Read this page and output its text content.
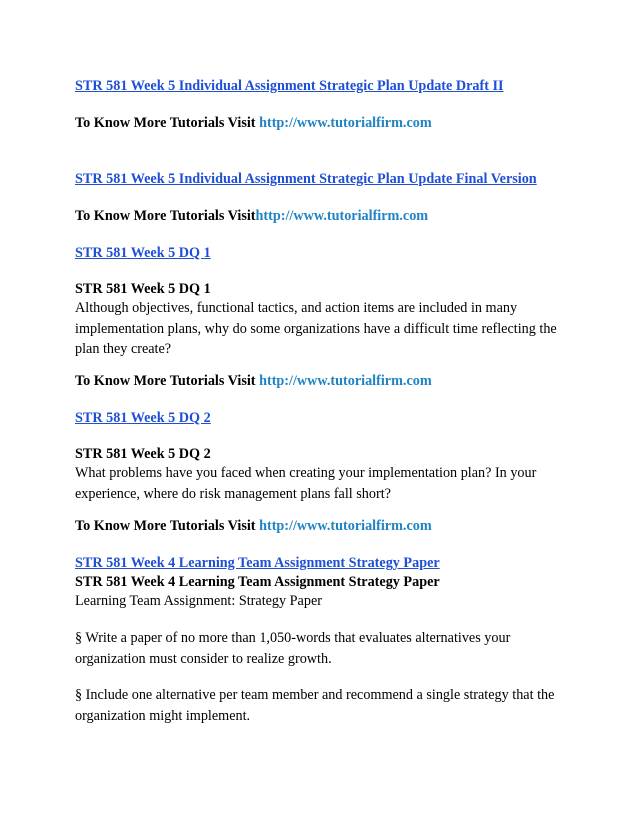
STR 581 Week 5 Individual Assignment Strategic Plan Update Draft II
To Know More Tutorials Visit http://www.tutorialfirm.com
STR 581 Week 5 Individual Assignment Strategic Plan Update Final Version
To Know More Tutorials Visithttp://www.tutorialfirm.com
STR 581 Week 5 DQ 1
STR 581 Week 5 DQ 1
Although objectives, functional tactics, and action items are included in many implementation plans, why do some organizations have a difficult time reflecting the plan they create?
To Know More Tutorials Visit http://www.tutorialfirm.com
STR 581 Week 5 DQ 2
STR 581 Week 5 DQ 2
What problems have you faced when creating your implementation plan? In your experience, where do risk management plans fall short?
To Know More Tutorials Visit http://www.tutorialfirm.com
STR 581 Week 4 Learning Team Assignment Strategy Paper
STR 581 Week 4 Learning Team Assignment Strategy Paper
Learning Team Assignment: Strategy Paper
§ Write a paper of no more than 1,050-words that evaluates alternatives your organization must consider to realize growth.
§ Include one alternative per team member and recommend a single strategy that the organization might implement.
